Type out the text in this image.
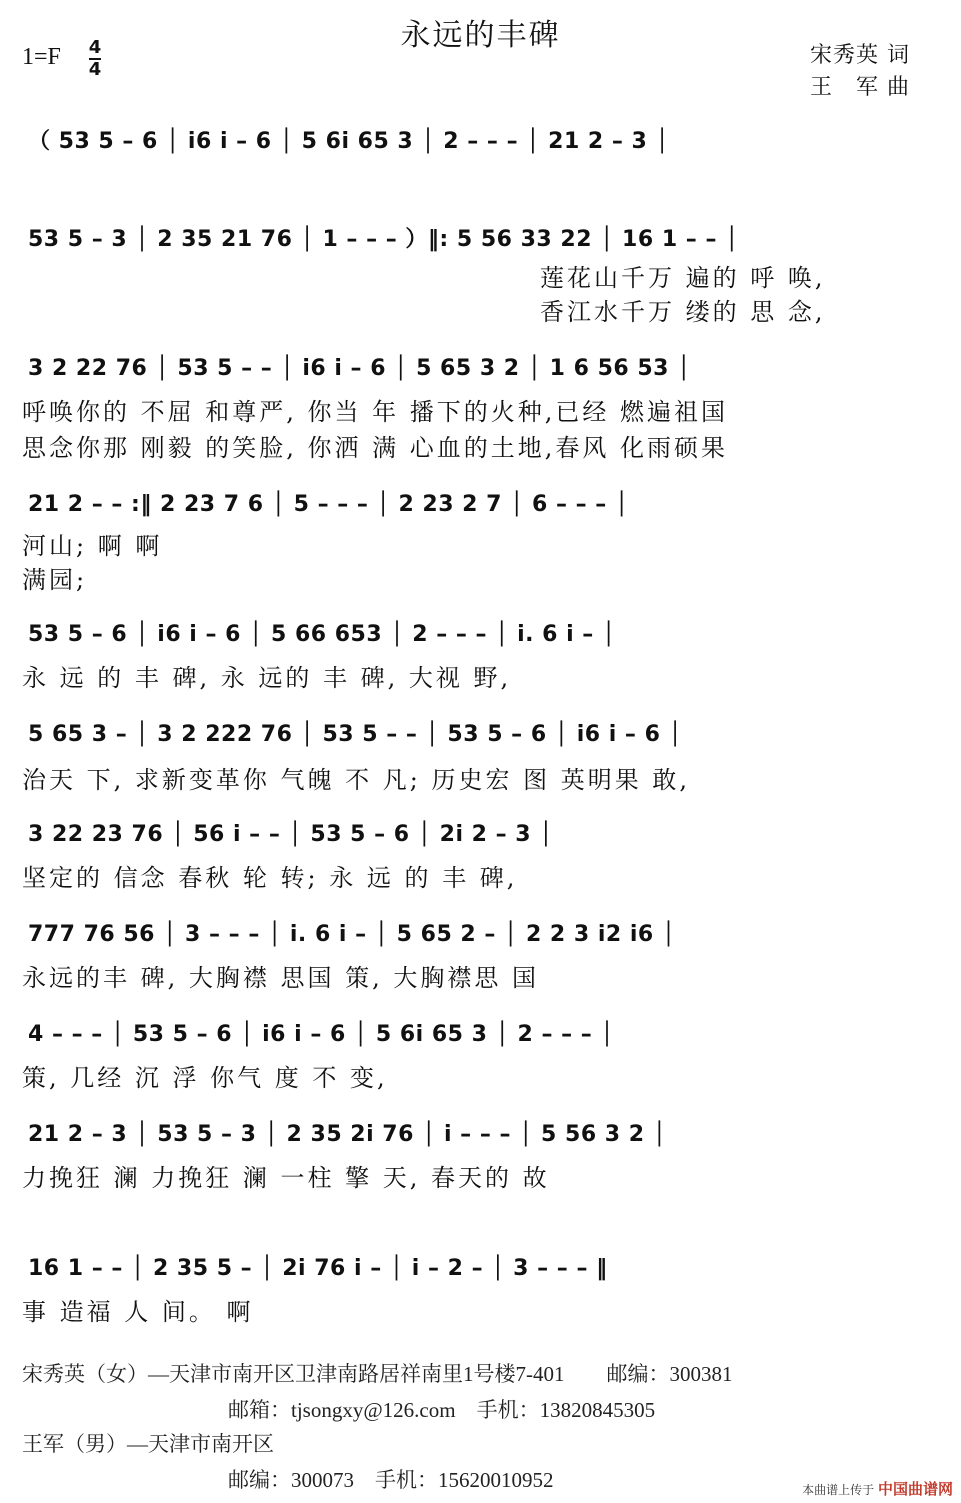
永远的丰碑
1=F 4
4
宋秀英 词
王　军 曲
（ 53 5 – 6 │ i6 i – 6 │ 5 6i 65 3 │ 2 – – – │ 21 2 – 3 │
53 5 – 3 │ 2 35 21 76 │ 1 – – – ）‖: 5 56 33 22 │ 16 1 – – │
莲花山千万 遍的 呼 唤,
香江水千万 缕的 思 念,
3 2 22 76 │ 53 5 – – │ i6 i – 6 │ 5 65 3 2 │ 1 6 56 53 │
呼唤你的 不屈 和尊严, 你当 年 播下的火种,已经 燃遍祖国
思念你那 刚毅 的笑脸, 你洒 满 心血的土地,春风 化雨硕果
21 2 – – :‖ 2 23 7 6 │ 5 – – – │ 2 23 2 7 │ 6 – – – │
河山; 啊 啊
满园;
53 5 – 6 │ i6 i – 6 │ 5 66 653 │ 2 – – – │ i. 6 i – │
永 远 的 丰 碑, 永 远的 丰 碑, 大视 野,
5 65 3 – │ 3 2 222 76 │ 53 5 – – │ 53 5 – 6 │ i6 i – 6 │
治天 下, 求新变革你 气魄 不 凡; 历史宏 图 英明果 敢,
3 22 23 76 │ 56 i – – │ 53 5 – 6 │ 2i 2 – 3 │
坚定的 信念 春秋 轮 转; 永 远 的 丰 碑,
777 76 56 │ 3 – – – │ i. 6 i – │ 5 65 2 – │ 2 2 3 i2 i6 │
永远的丰 碑, 大胸襟 思国 策, 大胸襟思 国
4 – – – │ 53 5 – 6 │ i6 i – 6 │ 5 6i 65 3 │ 2 – – – │
策, 几经 沉 浮 你气 度 不 变,
21 2 – 3 │ 53 5 – 3 │ 2 35 2i 76 │ i – – – │ 5 56 3 2 │
力挽狂 澜 力挽狂 澜 一柱 擎 天, 春天的 故
16 1 – – │ 2 35 5 – │ 2i 76 i – │ i – 2 – │ 3 – – – ‖
事 造福 人 间。 啊
宋秀英（女）—天津市南开区卫津南路居祥南里1号楼7-401　　邮编：300381
邮箱：tjsongxy@126.com　手机：13820845305
王军（男）—天津市南开区
邮编：300073　手机：15620010952	本曲谱上传于 中国曲谱网
